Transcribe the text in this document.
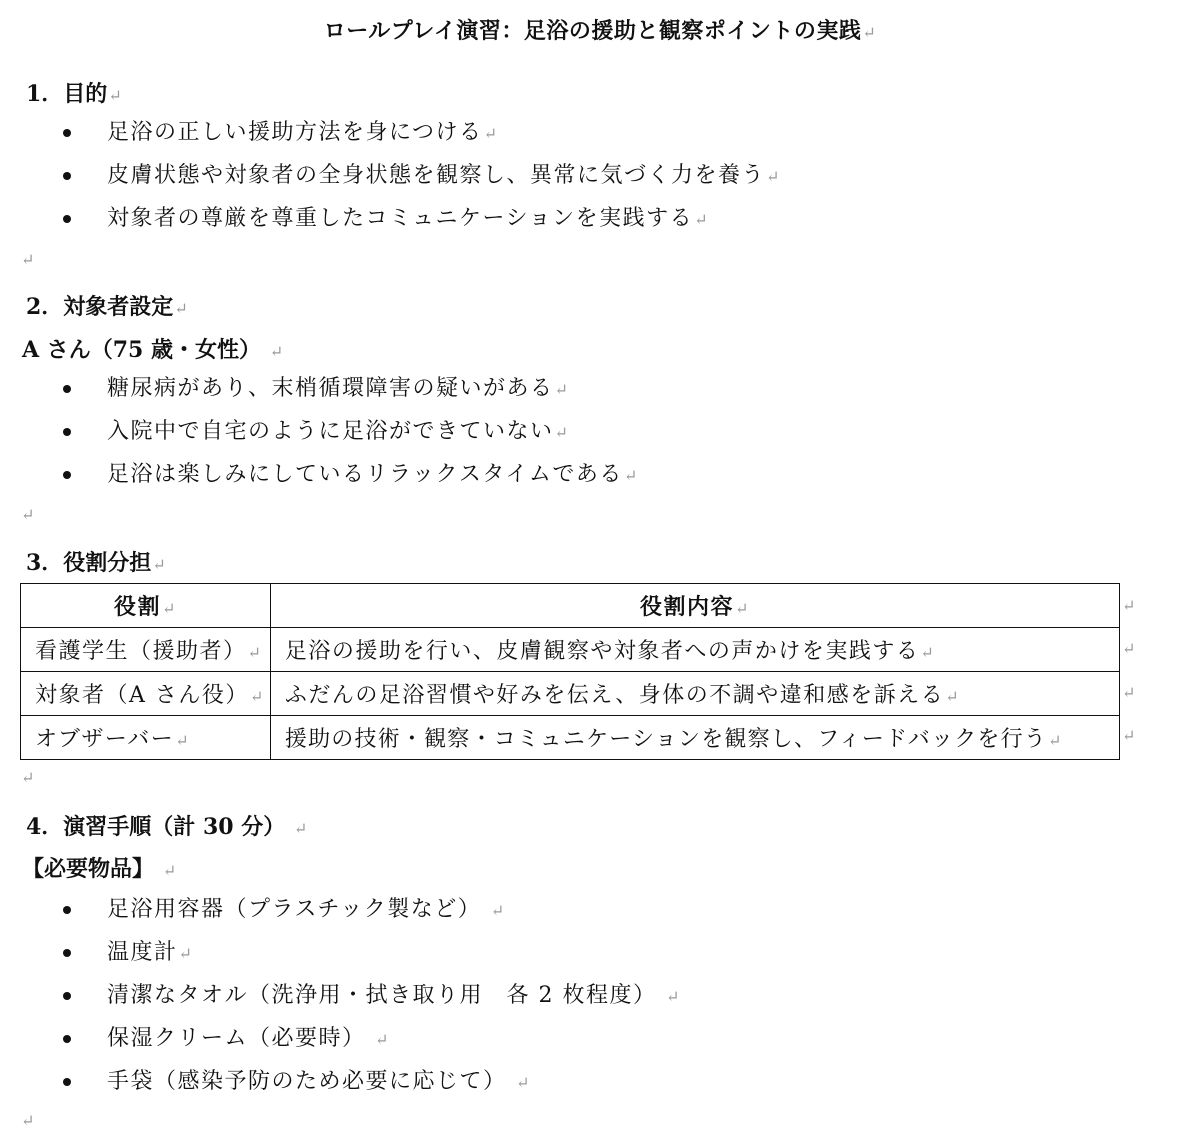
ロールプレイ演習：足浴の援助と観察ポイントの実践↵
1．目的↵
足浴の正しい援助方法を身につける↵
皮膚状態や対象者の全身状態を観察し、異常に気づく力を養う↵
対象者の尊厳を尊重したコミュニケーションを実践する↵
↵
2．対象者設定↵
A さん（75 歳・女性） ↵
糖尿病があり、末梢循環障害の疑いがある↵
入院中で自宅のように足浴ができていない↵
足浴は楽しみにしているリラックスタイムである↵
↵
3．役割分担↵
役割↵	役割内容↵
看護学生（援助者）↵	足浴の援助を行い、皮膚観察や対象者への声かけを実践する↵
対象者（A さん役）↵	ふだんの足浴習慣や好みを伝え、身体の不調や違和感を訴える↵
オブザーバー↵	援助の技術・観察・コミュニケーションを観察し、フィードバックを行う↵
↵
↵
↵
↵
↵
4．演習手順（計 30 分） ↵
【必要物品】 ↵
足浴用容器（プラスチック製など） ↵
温度計↵
清潔なタオル（洗浄用・拭き取り用　各 2 枚程度） ↵
保湿クリーム（必要時） ↵
手袋（感染予防のため必要に応じて） ↵
↵
